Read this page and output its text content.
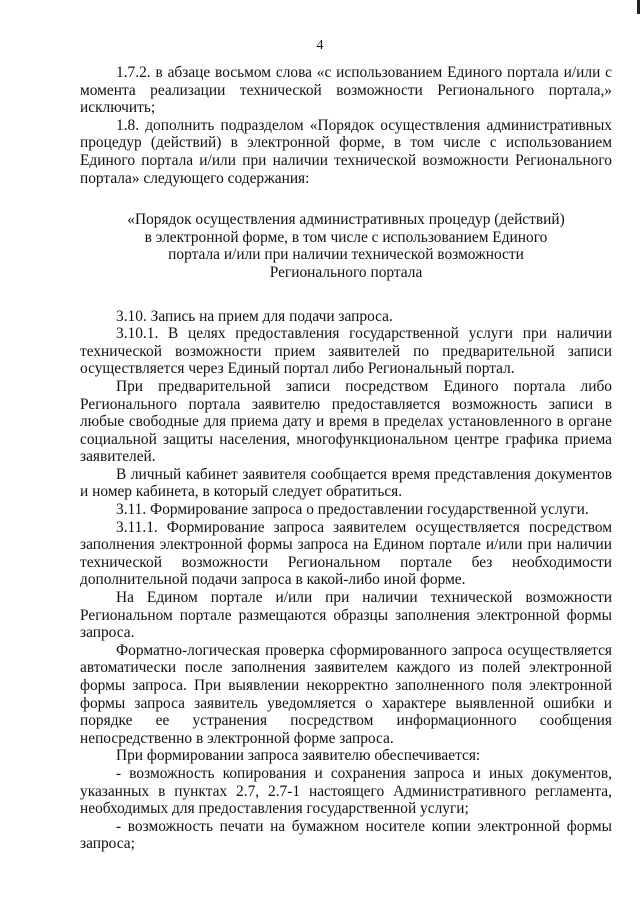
4

1.7.2. в абзаце восьмом слова «с использованием Единого портала и/или с момента реализации технической возможности Регионального портала,» исключить;

1.8. дополнить подразделом «Порядок осуществления административных процедур (действий) в электронной форме, в том числе с использованием Единого портала и/или при наличии технической возможности Регионального портала» следующего содержания:

«Порядок осуществления административных процедур (действий)
в электронной форме, в том числе с использованием Единого
портала и/или при наличии технической возможности
Регионального портала

3.10. Запись на прием для подачи запроса.

3.10.1. В целях предоставления государственной услуги при наличии технической возможности прием заявителей по предварительной записи осуществляется через Единый портал либо Региональный портал.

При предварительной записи посредством Единого портала либо Регионального портала заявителю предоставляется возможность записи в любые свободные для приема дату и время в пределах установленного в органе социальной защиты населения, многофункциональном центре графика приема заявителей.

В личный кабинет заявителя сообщается время представления документов и номер кабинета, в который следует обратиться.

3.11. Формирование запроса о предоставлении государственной услуги.

3.11.1. Формирование запроса заявителем осуществляется посредством заполнения электронной формы запроса на Едином портале и/или при наличии технической возможности Региональном портале без необходимости дополнительной подачи запроса в какой-либо иной форме.

На Едином портале и/или при наличии технической возможности Региональном портале размещаются образцы заполнения электронной формы запроса.

Форматно-логическая проверка сформированного запроса осуществляется автоматически после заполнения заявителем каждого из полей электронной формы запроса. При выявлении некорректно заполненного поля электронной формы запроса заявитель уведомляется о характере выявленной ошибки и порядке ее устранения посредством информационного сообщения непосредственно в электронной форме запроса.

При формировании запроса заявителю обеспечивается:

- возможность копирования и сохранения запроса и иных документов, указанных в пунктах 2.7, 2.7-1 настоящего Административного регламента, необходимых для предоставления государственной услуги;

- возможность печати на бумажном носителе копии электронной формы запроса;
